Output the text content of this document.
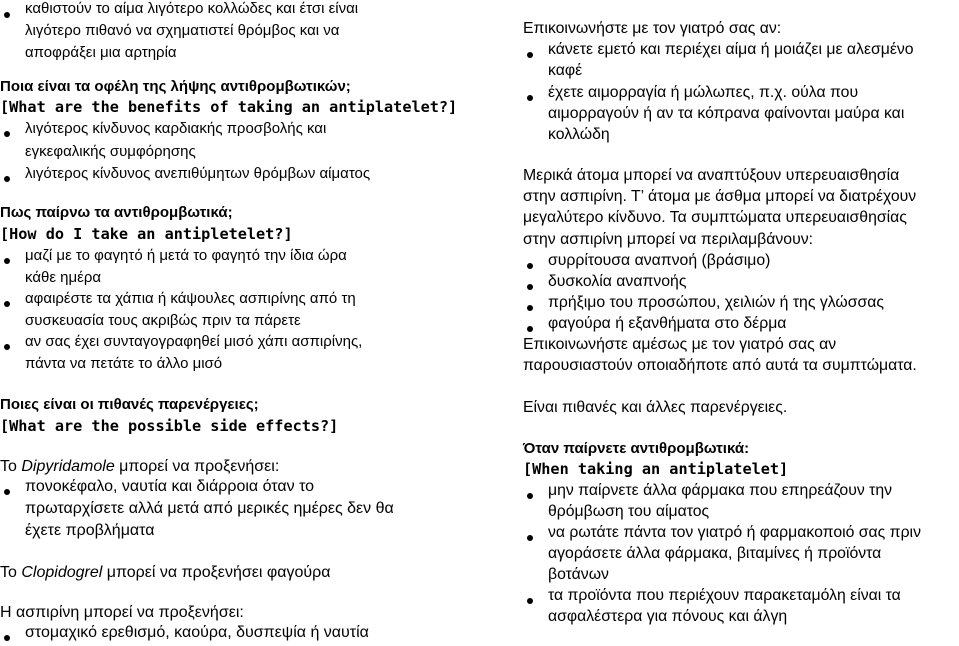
καθιστούν το αίμα λιγότερο κολλώδες και έτσι είναι
λιγότερο πιθανό να σχηματιστεί θρόμβος και να
αποφράξει μια αρτηρία
Ποια είναι τα οφέλη της λήψης αντιθρομβωτικών;
[What are the benefits of taking an antiplatelet?]
λιγότερος κίνδυνος καρδιακής προσβολής και
εγκεφαλικής συμφόρησης
λιγότερος κίνδυνος ανεπιθύμητων θρόμβων αίματος
Πως παίρνω τα αντιθρομβωτικά;
[How do I take an antipletelet?]
μαζί με το φαγητό ή μετά το φαγητό την ίδια ώρα
κάθε ημέρα
αφαιρέστε τα χάπια ή κάψουλες ασπιρίνης από τη
συσκευασία τους ακριβώς πριν τα πάρετε
αν σας έχει συνταγογραφηθεί μισό χάπι ασπιρίνης,
πάντα να πετάτε το άλλο μισό
Ποιες είναι οι πιθανές παρενέργειες;
[What are the possible side effects?]
Το Dipyridamole μπορεί να προξενήσει:
πονοκέφαλο, ναυτία και διάρροια όταν το
πρωταρχίσετε αλλά μετά από μερικές ημέρες δεν θα
έχετε προβλήματα
Το Clopidogrel μπορεί να προξενήσει φαγούρα
Η ασπιρίνη μπορεί να προξενήσει:
στομαχικό ερεθισμό, καούρα, δυσπεψία ή ναυτία
Επικοινωνήστε με τον γιατρό σας αν:
κάνετε εμετό και περιέχει αίμα ή μοιάζει με αλεσμένο
καφέ
έχετε αιμορραγία ή μώλωπες, π.χ. ούλα που
αιμορραγούν ή αν τα κόπρανα φαίνονται μαύρα και
κολλώδη
Μερικά άτομα μπορεί να αναπτύξουν υπερευαισθησία
στην ασπιρίνη. Τ’ άτομα με άσθμα μπορεί να διατρέχουν
μεγαλύτερο κίνδυνο. Τα συμπτώματα υπερευαισθησίας
στην ασπιρίνη μπορεί να περιλαμβάνουν:
συρρίτουσα αναπνοή (βράσιμο)
δυσκολία αναπνοής
πρήξιμο του προσώπου, χειλιών ή της γλώσσας
φαγούρα ή εξανθήματα στο δέρμα
Επικοινωνήστε αμέσως με τον γιατρό σας αν
παρουσιαστούν οποιαδήποτε από αυτά τα συμπτώματα.
Είναι πιθανές και άλλες παρενέργειες.
Όταν παίρνετε αντιθρομβωτικά:
[When taking an antiplatelet]
μην παίρνετε άλλα φάρμακα που επηρεάζουν την
θρόμβωση του αίματος
να ρωτάτε πάντα τον γιατρό ή φαρμακοποιό σας πριν
αγοράσετε άλλα φάρμακα, βιταμίνες ή προϊόντα
βοτάνων
τα προϊόντα που περιέχουν παρακεταμόλη είναι τα
ασφαλέστερα για πόνους και άλγη
